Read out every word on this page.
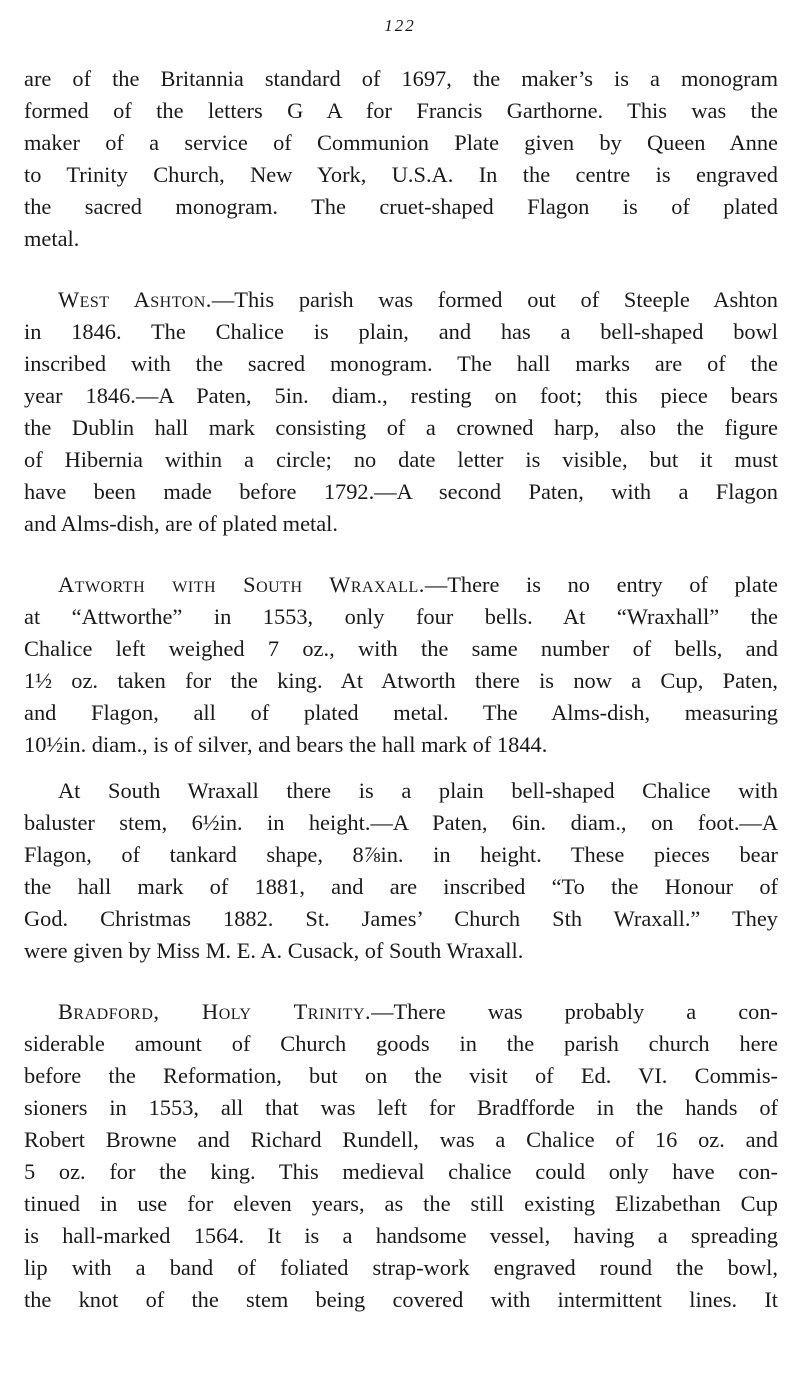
122
are of the Britannia standard of 1697, the maker’s is a monogram
formed of the letters G A for Francis Garthorne. This was the
maker of a service of Communion Plate given by Queen Anne
to Trinity Church, New York, U.S.A. In the centre is engraved
the sacred monogram. The cruet-shaped Flagon is of plated
metal.
West Ashton.—This parish was formed out of Steeple Ashton
in 1846. The Chalice is plain, and has a bell-shaped bowl
inscribed with the sacred monogram. The hall marks are of the
year 1846.—A Paten, 5in. diam., resting on foot; this piece bears
the Dublin hall mark consisting of a crowned harp, also the figure
of Hibernia within a circle; no date letter is visible, but it must
have been made before 1792.—A second Paten, with a Flagon
and Alms-dish, are of plated metal.
Atworth with South Wraxall.—There is no entry of plate
at “Attworthe” in 1553, only four bells. At “Wraxhall” the
Chalice left weighed 7 oz., with the same number of bells, and
1½ oz. taken for the king. At Atworth there is now a Cup, Paten,
and Flagon, all of plated metal. The Alms-dish, measuring
10½in. diam., is of silver, and bears the hall mark of 1844.
At South Wraxall there is a plain bell-shaped Chalice with
baluster stem, 6½in. in height.—A Paten, 6in. diam., on foot.—A
Flagon, of tankard shape, 8⅞in. in height. These pieces bear
the hall mark of 1881, and are inscribed “To the Honour of
God. Christmas 1882. St. James’ Church Sth Wraxall.” They
were given by Miss M. E. A. Cusack, of South Wraxall.
Bradford, Holy Trinity.—There was probably a con-
siderable amount of Church goods in the parish church here
before the Reformation, but on the visit of Ed. VI. Commis-
sioners in 1553, all that was left for Bradfforde in the hands of
Robert Browne and Richard Rundell, was a Chalice of 16 oz. and
5 oz. for the king. This medieval chalice could only have con-
tinued in use for eleven years, as the still existing Elizabethan Cup
is hall-marked 1564. It is a handsome vessel, having a spreading
lip with a band of foliated strap-work engraved round the bowl,
the knot of the stem being covered with intermittent lines. It
